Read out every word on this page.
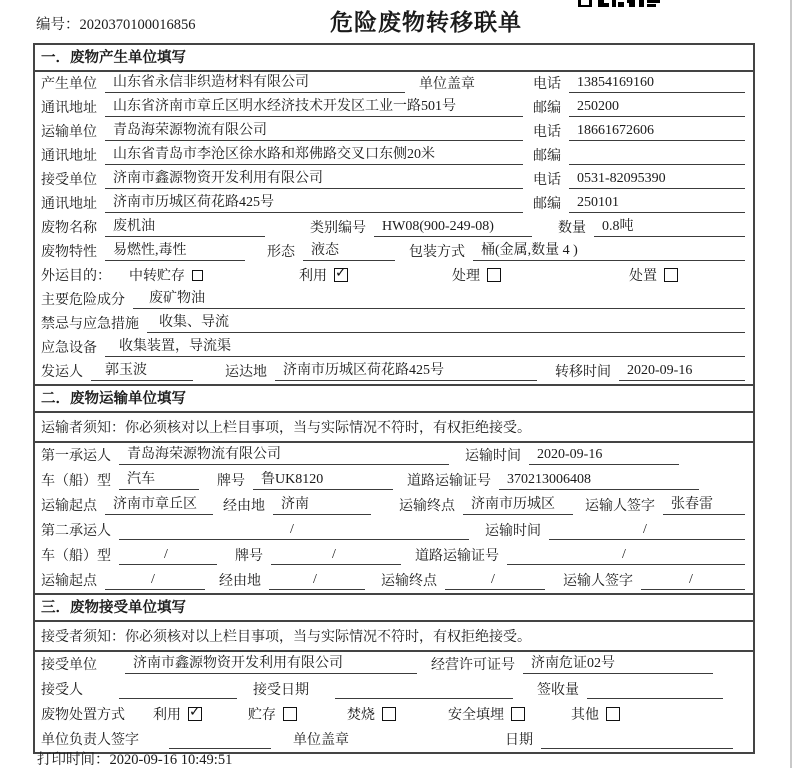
编号：2020370100016856	危险废物转移联单
一．废物产生单位填写
产生单位	山东省永信非织造材料有限公司	单位盖章	电话	13854169160
通讯地址	山东省济南市章丘区明水经济技术开发区工业一路501号	邮编	250200
运输单位	青岛海荣源物流有限公司	电话	18661672606
通讯地址	山东省青岛市李沧区徐水路和郑佛路交叉口东侧20米	邮编
接受单位	济南市鑫源物资开发利用有限公司	电话	0531-82095390
通讯地址	济南市历城区荷花路425号	邮编	250101
废物名称	废机油	类别编号	HW08(900-249-08)	数量	0.8吨
废物特性	易燃性,毒性	形态	液态	包装方式	桶(金属,数量 4 )
外运目的： 中转贮存	利用 ✓	处理	处置
主要危险成分	废矿物油
禁忌与应急措施	收集、导流
应急设备	收集装置，导流渠
发运人	郭玉波	运达地	济南市历城区荷花路425号	转移时间	2020-09-16
二．废物运输单位填写
运输者须知： 你必须核对以上栏目事项，当与实际情况不符时，有权拒绝接受。
第一承运人	青岛海荣源物流有限公司	运输时间	2020-09-16
车（船）型	汽车	牌号	鲁UK8120	道路运输证号	370213006408
运输起点	济南市章丘区	经由地	济南	运输终点	济南市历城区	运输人签字	张春雷
第二承运人	/	运输时间	/
车（船）型	/	牌号	/	道路运输证号	/
运输起点	/	经由地	/	运输终点	/	运输人签字	/
三．废物接受单位填写
接受者须知： 你必须核对以上栏目事项，当与实际情况不符时，有权拒绝接受。
接受单位	济南市鑫源物资开发利用有限公司	经营许可证号	济南危证02号
接受人	接受日期	签收量
废物处置方式 利用 ✓	贮存	焚烧	安全填埋	其他
单位负责人签字	单位盖章	日期
打印时间：2020-09-16 10:49:51
